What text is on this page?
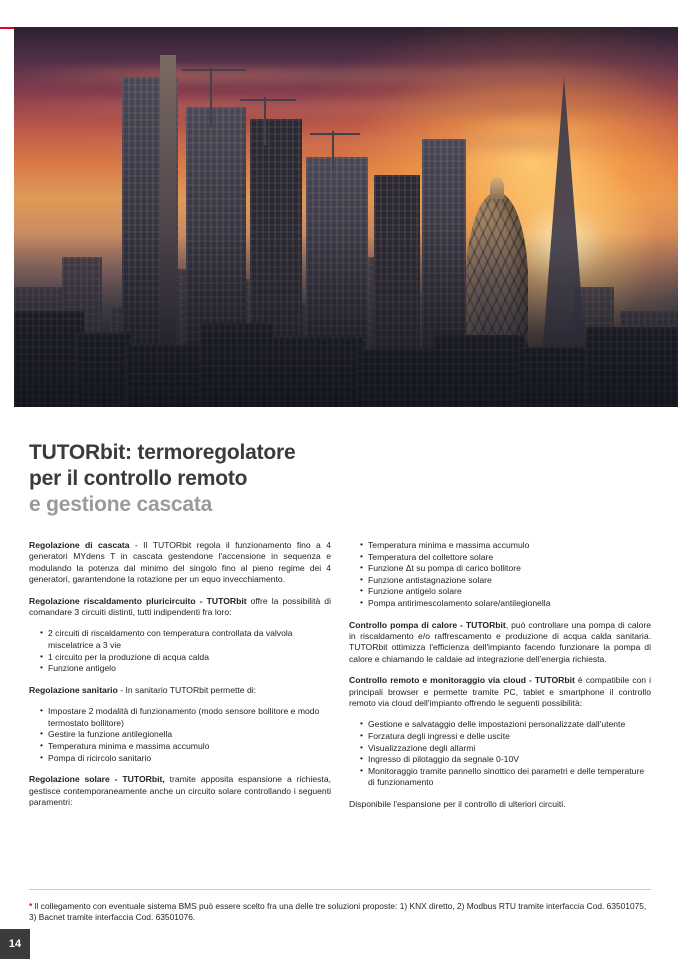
TUTORbit: termoregolatore
per il controllo remoto
e gestione cascata

Regolazione di cascata - Il TUTORbit regola il funzionamento fino a 4 generatori MYdens T in cascata gestendone l'accensione in sequenza e modulando la potenza dal minimo del singolo fino al pieno regime dei 4 generatori, garantendone la rotazione per un equo invecchiamento.

Regolazione riscaldamento pluricircuito - TUTORbit offre la possibilità di comandare 3 circuiti distinti, tutti indipendenti fra loro:

• 2 circuiti di riscaldamento con temperatura controllata da valvola miscelatrice a 3 vie
• 1 circuito per la produzione di acqua calda
• Funzione antigelo

Regolazione sanitario - In sanitario TUTORbit permette di:

• Impostare 2 modalità di funzionamento (modo sensore bollitore e modo termostato bollitore)
• Gestire la funzione antilegionella
• Temperatura minima e massima accumulo
• Pompa di ricircolo sanitario

Regolazione solare - TUTORbit, tramite apposita espansione a richiesta, gestisce contemporaneamente anche un circuito solare controllando i seguenti paramentri:

• Temperatura minima e massima accumulo
• Temperatura del collettore solare
• Funzione Δt su pompa di carico bollitore
• Funzione antistagnazione solare
• Funzione antigelo solare
• Pompa antirimescolamento solare/antilegionella

Controllo pompa di calore - TUTORbit, può controllare una pompa di calore in riscaldamento e/o raffrescamento e produzione di acqua calda sanitaria. TUTORbit ottimizza l'efficienza dell'impianto facendo funzionare la pompa di calore e chiamando le caldaie ad integrazione dell'energia richiesta.

Controllo remoto e monitoraggio via cloud - TUTORbit è compatibile con i principali browser e permette tramite PC, tablet e smartphone il controllo remoto via cloud dell'impianto offrendo le seguenti possibilità:

• Gestione e salvataggio delle impostazioni personalizzate dall'utente
• Forzatura degli ingressi e delle uscite
• Visualizzazione degli allarmi
• Ingresso di pilotaggio da segnale 0-10V
• Monitoraggio tramite pannello sinottico dei parametri e delle temperature di funzionamento

Disponibile l'espansione per il controllo di ulteriori circuiti.

* Il collegamento con eventuale sistema BMS può essere scelto fra una delle tre soluzioni proposte: 1) KNX diretto, 2) Modbus RTU tramite interfaccia Cod. 63501075, 3) Bacnet tramite interfaccia Cod. 63501076.
14
